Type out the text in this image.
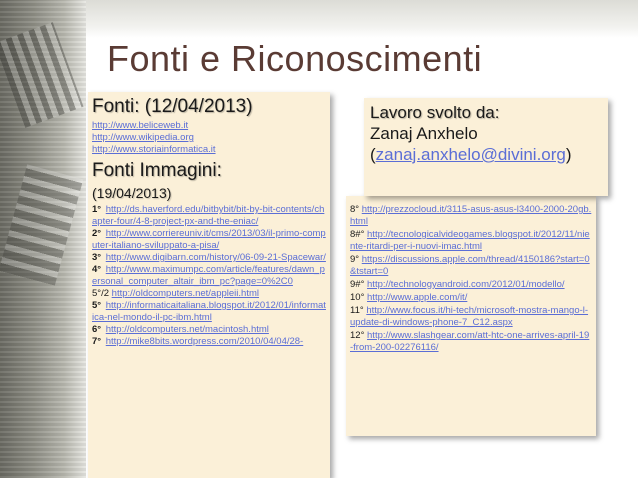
Fonti e Riconoscimenti
Fonti: (12/04/2013)
http://www.beliceweb.it
http://www.wikipedia.org
http://www.storiainformatica.it
Fonti Immagini:
(19/04/2013)
1° http://ds.haverford.edu/bitbybit/bit-by-bit-contents/chapter-four/4-8-project-px-and-the-eniac/
2° http://www.corriereuniv.it/cms/2013/03/il-primo-computer-italiano-sviluppato-a-pisa/
3° http://www.digibarn.com/history/06-09-21-Spacewar/
4° http://www.maximumpc.com/article/features/dawn_personal_computer_altair_ibm_pc?page=0%2C0
5°/2 http://oldcomputers.net/appleii.html
5° http://informaticaitaliana.blogspot.it/2012/01/informatica-nel-mondo-il-pc-ibm.html
6° http://oldcomputers.net/macintosh.html
7° http://mike8bits.wordpress.com/2010/04/04/28-
8° http://prezzocloud.it/3115-asus-asus-l3400-2000-20gb.html
8#° http://tecnologicalvideogames.blogspot.it/2012/11/niente-ritardi-per-i-nuovi-imac.html
9° https://discussions.apple.com/thread/4150186?start=0&tstart=0
9#° http://technologyandroid.com/2012/01/modello/
10° http://www.apple.com/it/
11° http://www.focus.it/hi-tech/microsoft-mostra-mango-l-update-di-windows-phone-7_C12.aspx
12° http://www.slashgear.com/att-htc-one-arrives-april-19-from-200-02276116/
Lavoro svolto da:
Zanaj Anxhelo
(zanaj.anxhelo@divini.org)
